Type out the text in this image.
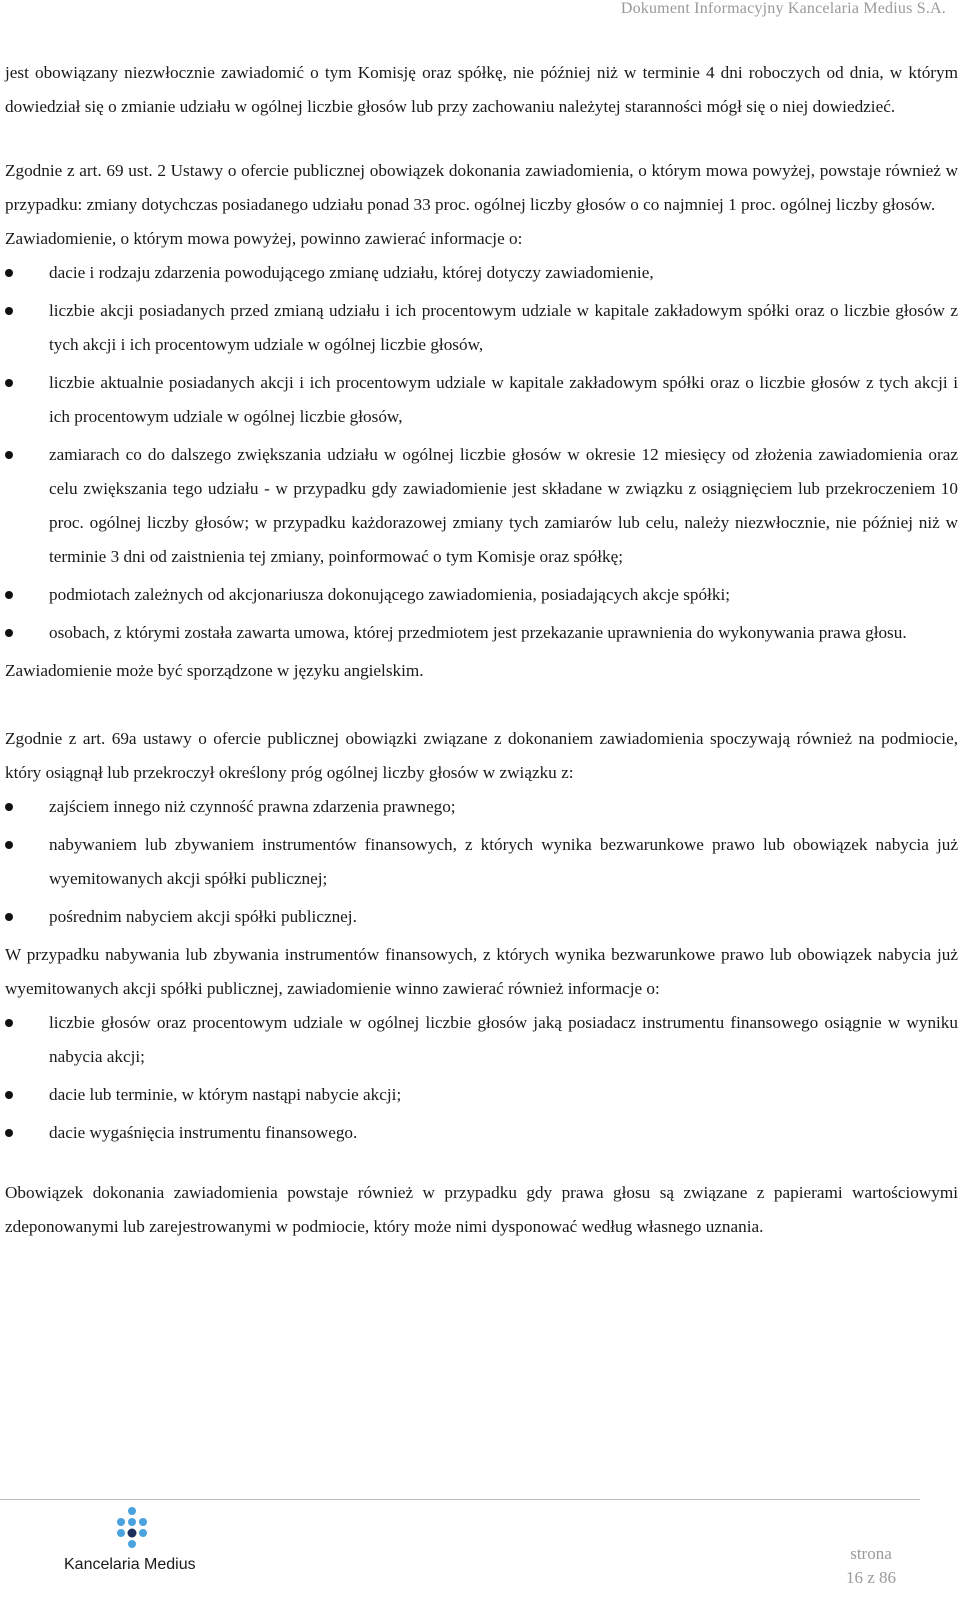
Dokument Informacyjny Kancelaria Medius S.A.

jest obowiązany niezwłocznie zawiadomić o tym Komisję oraz spółkę, nie później niż w terminie 4 dni roboczych od dnia, w którym dowiedział się o zmianie udziału w ogólnej liczbie głosów lub przy zachowaniu należytej staranności mógł się o niej dowiedzieć.

Zgodnie z art. 69 ust. 2 Ustawy o ofercie publicznej obowiązek dokonania zawiadomienia, o którym mowa powyżej, powstaje również w przypadku: zmiany dotychczas posiadanego udziału ponad 33 proc. ogólnej liczby głosów o co najmniej 1 proc. ogólnej liczby głosów.

Zawiadomienie, o którym mowa powyżej, powinno zawierać informacje o:

dacie i rodzaju zdarzenia powodującego zmianę udziału, której dotyczy zawiadomienie,
liczbie akcji posiadanych przed zmianą udziału i ich procentowym udziale w kapitale zakładowym spółki oraz o liczbie głosów z tych akcji i ich procentowym udziale w ogólnej liczbie głosów,
liczbie aktualnie posiadanych akcji i ich procentowym udziale w kapitale zakładowym spółki oraz o liczbie głosów z tych akcji i ich procentowym udziale w ogólnej liczbie głosów,
zamiarach co do dalszego zwiększania udziału w ogólnej liczbie głosów w okresie 12 miesięcy od złożenia zawiadomienia oraz celu zwiększania tego udziału - w przypadku gdy zawiadomienie jest składane w związku z osiągnięciem lub przekroczeniem 10 proc. ogólnej liczby głosów; w przypadku każdorazowej zmiany tych zamiarów lub celu, należy niezwłocznie, nie później niż w terminie 3 dni od zaistnienia tej zmiany, poinformować o tym Komisje oraz spółkę;
podmiotach zależnych od akcjonariusza dokonującego zawiadomienia, posiadających akcje spółki;
osobach, z którymi została zawarta umowa, której przedmiotem jest przekazanie uprawnienia do wykonywania prawa głosu.

Zawiadomienie może być sporządzone w języku angielskim.

Zgodnie z art. 69a ustawy o ofercie publicznej obowiązki związane z dokonaniem zawiadomienia spoczywają również na podmiocie, który osiągnął lub przekroczył określony próg ogólnej liczby głosów w związku z:

zajściem innego niż czynność prawna zdarzenia prawnego;
nabywaniem lub zbywaniem instrumentów finansowych, z których wynika bezwarunkowe prawo lub obowiązek nabycia już wyemitowanych akcji spółki publicznej;
pośrednim nabyciem akcji spółki publicznej.

W przypadku nabywania lub zbywania instrumentów finansowych, z których wynika bezwarunkowe prawo lub obowiązek nabycia już wyemitowanych akcji spółki publicznej, zawiadomienie winno zawierać również informacje o:

liczbie głosów oraz procentowym udziale w ogólnej liczbie głosów jaką posiadacz instrumentu finansowego osiągnie w wyniku nabycia akcji;
dacie lub terminie, w którym nastąpi nabycie akcji;
dacie wygaśnięcia instrumentu finansowego.

Obowiązek dokonania zawiadomienia powstaje również w przypadku gdy prawa głosu są związane z papierami wartościowymi zdeponowanymi lub zarejestrowanymi w podmiocie, który może nimi dysponować według własnego uznania.

Kancelaria Medius
strona
16 z 86
